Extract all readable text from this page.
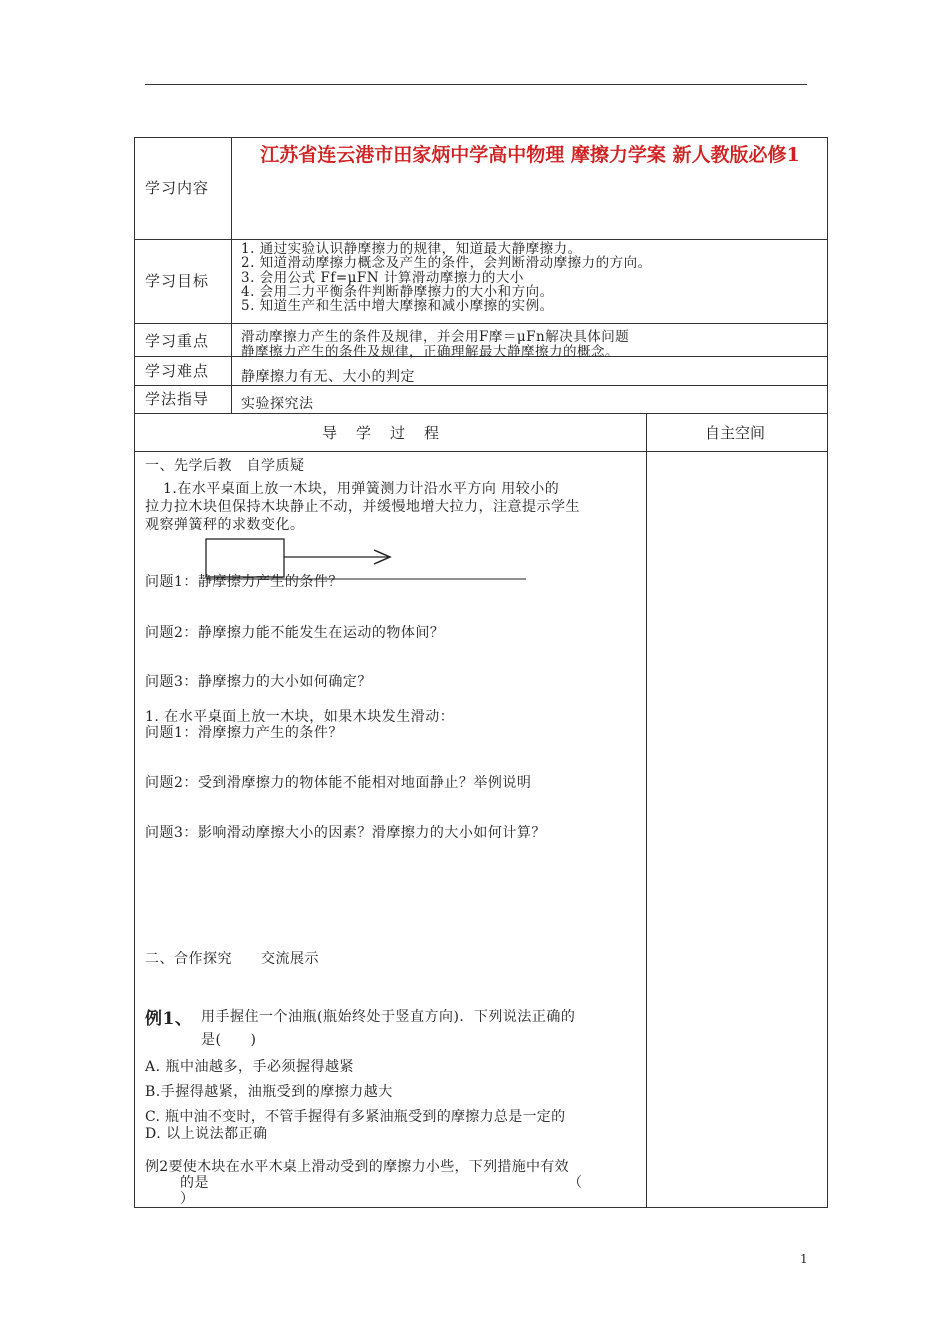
学习内容
江苏省连云港市田家炳中学高中物理 摩擦力学案 新人教版必修1
学习目标
1. 通过实验认识静摩擦力的规律，知道最大静摩擦力。
2. 知道滑动摩擦力概念及产生的条件，会判断滑动摩擦力的方向。
3. 会用公式 Ff=μFN 计算滑动摩擦力的大小
4. 会用二力平衡条件判断静摩擦力的大小和方向。
5. 知道生产和生活中增大摩擦和减小摩擦的实例。
学习重点 滑动摩擦力产生的条件及规律，并会用F摩＝μFn解决具体问题
静摩擦力产生的条件及规律，正确理解最大静摩擦力的概念。
学习难点 静摩擦力有无、大小的判定
学法指导 实验探究法
导　学　过　程	自主空间
一、先学后教　自学质疑
1.在水平桌面上放一木块，用弹簧测力计沿水平方向 用较小的
拉力拉木块但保持木块静止不动，并缓慢地增大拉力，注意提示学生
观察弹簧秤的求数变化。
问题1：静摩擦力产生的条件？
问题2：静摩擦力能不能发生在运动的物体间？
问题3：静摩擦力的大小如何确定？
1. 在水平桌面上放一木块，如果木块发生滑动：
问题1：滑摩擦力产生的条件？
问题2：受到滑摩擦力的物体能不能相对地面静止？举例说明
问题3：影响滑动摩擦大小的因素？滑摩擦力的大小如何计算？
二、合作探究　　交流展示
例1、 用手握住一个油瓶(瓶始终处于竖直方向)．下列说法正确的
是(　　)
A. 瓶中油越多，手必须握得越紧
B.手握得越紧，油瓶受到的摩擦力越大
C. 瓶中油不变时，不管手握得有多紧油瓶受到的摩擦力总是一定的
D. 以上说法都正确
例2要使木块在水平木桌上滑动受到的摩擦力小些，下列措施中有效
的是	（
）
1
